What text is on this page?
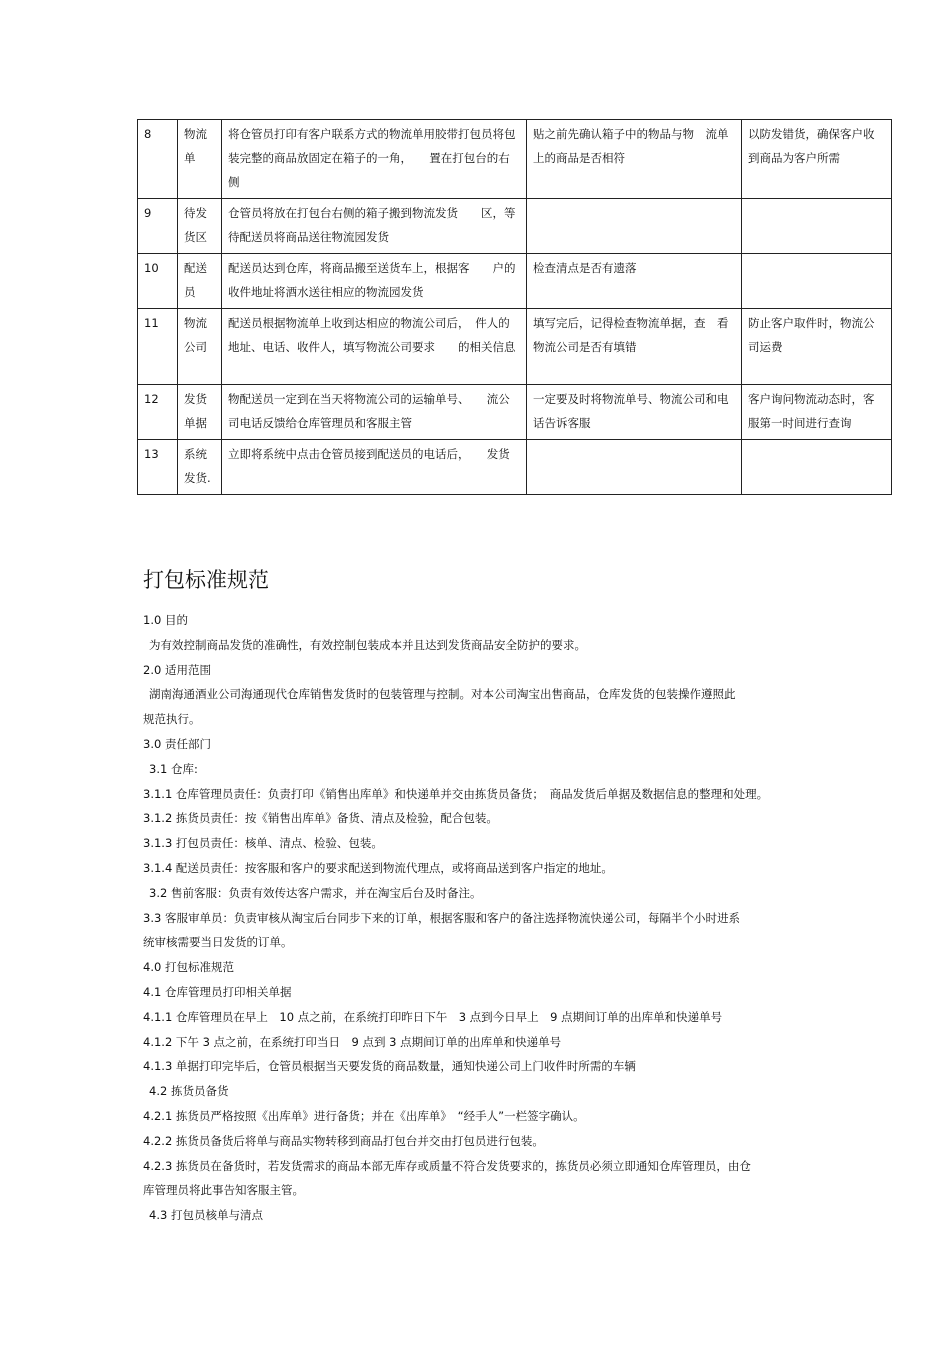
8	物流单	将仓管员打印有客户联系方式的物流单用胶带打包员将包装完整的商品放固定在箱子的一角，　　置在打包台的右侧	贴之前先确认箱子中的物品与物　流单上的商品是否相符	以防发错货，确保客户收到商品为客户所需
9	待发货区	仓管员将放在打包台右侧的箱子搬到物流发货　　区，等待配送员将商品送往物流园发货		
10	配送员	配送员达到仓库，将商品搬至送货车上，根据客　　户的收件地址将酒水送往相应的物流园发货	检查清点是否有遗落	
11	物流公司	配送员根据物流单上收到达相应的物流公司后，　件人的地址、电话、收件人，填写物流公司要求　　的相关信息	填写完后，记得检查物流单据，查　看物流公司是否有填错	防止客户取件时，物流公司运费
12	发货单据	物配送员一定到在当天将物流公司的运输单号、　　流公司电话反馈给仓库管理员和客服主管	一定要及时将物流单号、物流公司和电话告诉客服	客户询问物流动态时，客服第一时间进行查询
13	系统发货.	立即将系统中点击仓管员接到配送员的电话后，　　发货		
打包标准规范

1.0 目的

为有效控制商品发货的准确性，有效控制包装成本并且达到发货商品安全防护的要求。

2.0 适用范围

湖南海通酒业公司海通现代仓库销售发货时的包装管理与控制。对本公司淘宝出售商品，仓库发货的包装操作遵照此

规范执行。

3.0 责任部门

3.1 仓库:

3.1.1 仓库管理员责任：负责打印《销售出库单》和快递单并交由拣货员备货；　商品发货后单据及数据信息的整理和处理。

3.1.2 拣货员责任：按《销售出库单》备货、清点及检验，配合包装。

3.1.3 打包员责任：核单、清点、检验、包装。

3.1.4 配送员责任：按客服和客户的要求配送到物流代理点，或将商品送到客户指定的地址。

3.2 售前客服：负责有效传达客户需求，并在淘宝后台及时备注。

3.3 客服审单员：负责审核从淘宝后台同步下来的订单，根据客服和客户的备注选择物流快递公司，每隔半个小时进系

统审核需要当日发货的订单。

4.0 打包标准规范

4.1 仓库管理员打印相关单据

4.1.1 仓库管理员在早上　10 点之前，在系统打印昨日下午　3 点到今日早上　9 点期间订单的出库单和快递单号

4.1.2 下午 3 点之前，在系统打印当日　9 点到 3 点期间订单的出库单和快递单号

4.1.3 单据打印完毕后，仓管员根据当天要发货的商品数量，通知快递公司上门收件时所需的车辆

4.2 拣货员备货

4.2.1 拣货员严格按照《出库单》进行备货；并在《出库单》　“经手人”一栏签字确认。

4.2.2 拣货员备货后将单与商品实物转移到商品打包台并交由打包员进行包装。

4.2.3 拣货员在备货时，若发货需求的商品本部无库存或质量不符合发货要求的，拣货员必须立即通知仓库管理员，由仓

库管理员将此事告知客服主管。

4.3 打包员核单与清点
